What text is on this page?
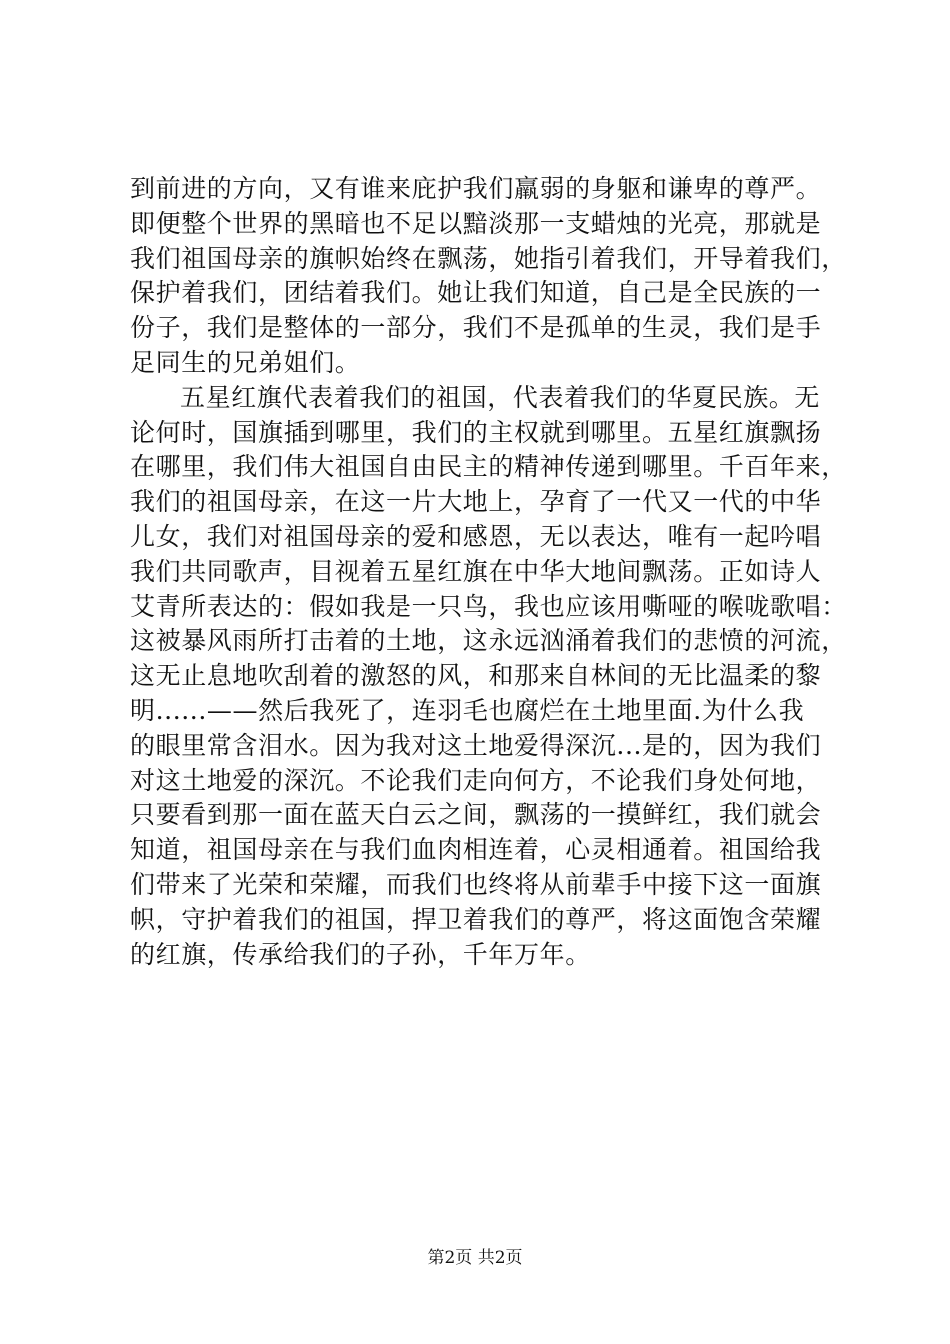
到前进的方向，又有谁来庇护我们羸弱的身躯和谦卑的尊严。
即便整个世界的黑暗也不足以黯淡那一支蜡烛的光亮，那就是
我们祖国母亲的旗帜始终在飘荡，她指引着我们，开导着我们，
保护着我们，团结着我们。她让我们知道，自己是全民族的一
份子，我们是整体的一部分，我们不是孤单的生灵，我们是手
足同生的兄弟姐们。
五星红旗代表着我们的祖国，代表着我们的华夏民族。无
论何时，国旗插到哪里，我们的主权就到哪里。五星红旗飘扬
在哪里，我们伟大祖国自由民主的精神传递到哪里。千百年来，
我们的祖国母亲，在这一片大地上，孕育了一代又一代的中华
儿女，我们对祖国母亲的爱和感恩，无以表达，唯有一起吟唱
我们共同歌声，目视着五星红旗在中华大地间飘荡。正如诗人
艾青所表达的：假如我是一只鸟，我也应该用嘶哑的喉咙歌唱：
这被暴风雨所打击着的土地，这永远汹涌着我们的悲愤的河流，
这无止息地吹刮着的激怒的风，和那来自林间的无比温柔的黎
明......——然后我死了，连羽毛也腐烂在土地里面.为什么我
的眼里常含泪水。因为我对这土地爱得深沉...是的，因为我们
对这土地爱的深沉。不论我们走向何方，不论我们身处何地，
只要看到那一面在蓝天白云之间，飘荡的一摸鲜红，我们就会
知道，祖国母亲在与我们血肉相连着，心灵相通着。祖国给我
们带来了光荣和荣耀，而我们也终将从前辈手中接下这一面旗
帜，守护着我们的祖国，捍卫着我们的尊严，将这面饱含荣耀
的红旗，传承给我们的子孙，千年万年。
第2页 共2页
